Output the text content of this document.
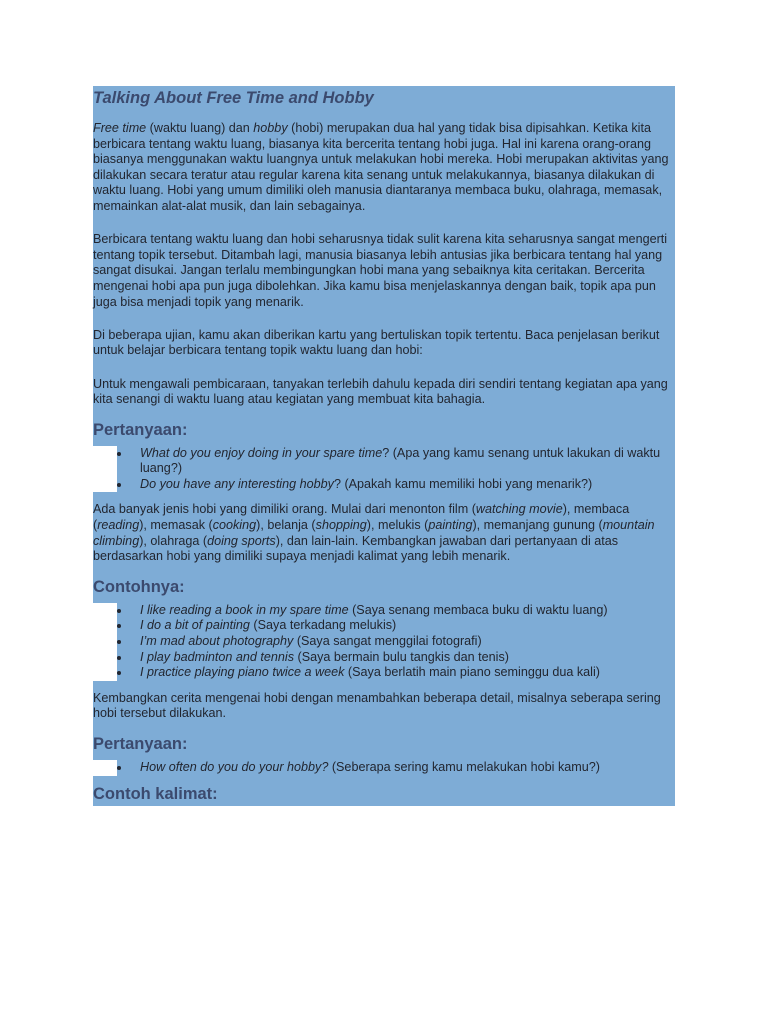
Talking About Free Time and Hobby

Free time (waktu luang) dan hobby (hobi) merupakan dua hal yang tidak bisa dipisahkan. Ketika kita berbicara tentang waktu luang, biasanya kita bercerita tentang hobi juga. Hal ini karena orang-orang biasanya menggunakan waktu luangnya untuk melakukan hobi mereka. Hobi merupakan aktivitas yang dilakukan secara teratur atau regular karena kita senang untuk melakukannya, biasanya dilakukan di waktu luang. Hobi yang umum dimiliki oleh manusia diantaranya membaca buku, olahraga, memasak, memainkan alat-alat musik, dan lain sebagainya.

Berbicara tentang waktu luang dan hobi seharusnya tidak sulit karena kita seharusnya sangat mengerti tentang topik tersebut. Ditambah lagi, manusia biasanya lebih antusias jika berbicara tentang hal yang sangat disukai. Jangan terlalu membingungkan hobi mana yang sebaiknya kita ceritakan. Bercerita mengenai hobi apa pun juga dibolehkan. Jika kamu bisa menjelaskannya dengan baik, topik apa pun juga bisa menjadi topik yang menarik.

Di beberapa ujian, kamu akan diberikan kartu yang bertuliskan topik tertentu. Baca penjelasan berikut untuk belajar berbicara tentang topik waktu luang dan hobi:

Untuk mengawali pembicaraan, tanyakan terlebih dahulu kepada diri sendiri tentang kegiatan apa yang kita senangi di waktu luang atau kegiatan yang membuat kita bahagia.

Pertanyaan:
What do you enjoy doing in your spare time? (Apa yang kamu senang untuk lakukan di waktu luang?)
Do you have any interesting hobby? (Apakah kamu memiliki hobi yang menarik?)

Ada banyak jenis hobi yang dimiliki orang. Mulai dari menonton film (watching movie), membaca (reading), memasak (cooking), belanja (shopping), melukis (painting), memanjang gunung (mountain climbing), olahraga (doing sports), dan lain-lain. Kembangkan jawaban dari pertanyaan di atas berdasarkan hobi yang dimiliki supaya menjadi kalimat yang lebih menarik.

Contohnya:
I like reading a book in my spare time (Saya senang membaca buku di waktu luang)
I do a bit of painting (Saya terkadang melukis)
I’m mad about photography (Saya sangat menggilai fotografi)
I play badminton and tennis (Saya bermain bulu tangkis dan tenis)
I practice playing piano twice a week (Saya berlatih main piano seminggu dua kali)

Kembangkan cerita mengenai hobi dengan menambahkan beberapa detail, misalnya seberapa sering hobi tersebut dilakukan.

Pertanyaan:
How often do you do your hobby? (Seberapa sering kamu melakukan hobi kamu?)
Contoh kalimat:
